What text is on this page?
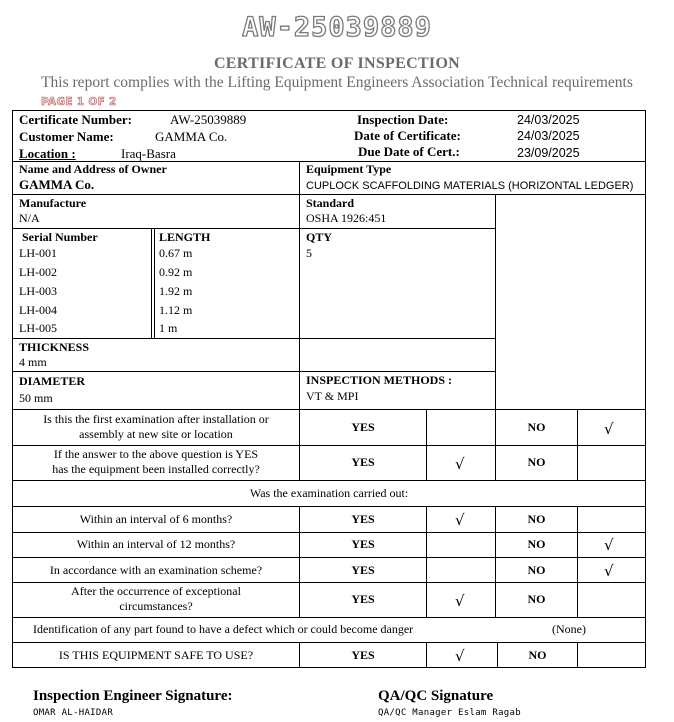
AW-25039889
CERTIFICATE OF INSPECTION
This report complies with the Lifting Equipment Engineers Association Technical requirements
PAGE 1 OF 2
Certificate Number:	AW-25039889
Customer Name:	GAMMA Co.
Location :	Iraq-Basra
Inspection Date:	24/03/2025
Date of Certificate:	24/03/2025
Due Date of Cert.:	23/09/2025
Name and Address of Owner
GAMMA Co.
Equipment Type
CUPLOCK SCAFFOLDING MATERIALS (HORIZONTAL LEDGER)
Manufacture
N/A
Standard
OSHA 1926:451
Serial Number	LENGTH	QTY
5
LH-001	0.67 m
LH-002	0.92 m
LH-003	1.92 m
LH-004	1.12 m
LH-005	1 m
THICKNESS
4 mm
DIAMETER
50 mm
INSPECTION METHODS :
VT & MPI
Is this the first examination after installation or
assembly at new site or location	YES	NO	√
If the answer to the above question is YES
has the equipment been installed correctly?	YES	√	NO
Was the examination carried out:
Within an interval of 6 months?	YES	√	NO
Within an interval of 12 months?	YES	NO	√
In accordance with an examination scheme?	YES	NO	√
After the occurrence of exceptional
circumstances?	YES	√	NO
Identification of any part found to have a defect which or could become danger	(None)
IS THIS EQUIPMENT SAFE TO USE?	YES	√	NO
Inspection Engineer Signature:
OMAR AL-HAIDAR
QA/QC Signature
QA/QC Manager Eslam Ragab
